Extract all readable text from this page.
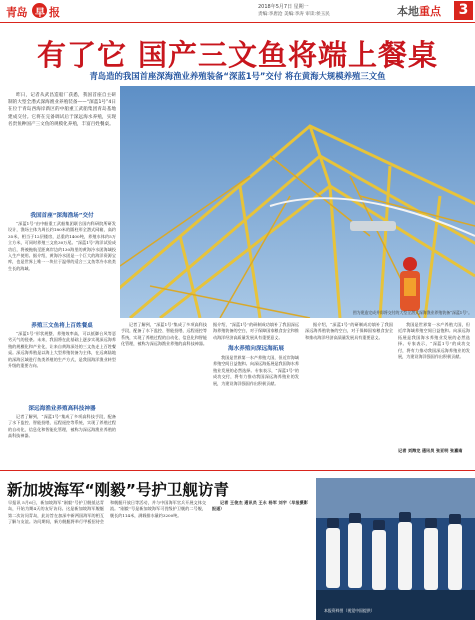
青岛 早 报	2018年5月7日 星期一
责编:李唐沧 美编:李涛 审读:侯玉民	本地 重点	3
有了它 国产三文鱼将端上餐桌
青岛造的我国首座深海渔业养殖装备“深蓝1号”交付 将在黄海大规模养殖三文鱼

昨日，记者从武昌造船厂获悉，我国首座自主研制的大型全潜式深海渔业养殖装备——“深蓝1号”4日在位于青岛西海岸新区的中船重工武船集团青岛基地建成交付。它将在完备调试后于深远海水养殖，实现名贵鱼种国产三文鱼的规模化养殖，丰富百姓餐桌。

我国首座“深海渔场”交付

“深蓝1号”由中船重工武船集团联合国内科研院所研发设计，渔场主体为周长约180米的圆柱形全潜式网箱，高约35米，相当于12层楼房，总重约1400吨，养殖水体约5万立方米，可同时养殖三文鱼30万尾。“深蓝1号”海洋试验成功后，将被拖航至距离岸边约130海里的黄海冷水团海域投入生产使用。据介绍，黄海冷水团是一个巨大的海洋资源宝库，也是世界上唯一一块位于温带的适合三文鱼等冷水鱼类生长的海域。

养殖三文鱼将上百姓餐桌

“深蓝1号”形状规整、养殖效率高，可以抵御台风等恶劣天气的侵袭。未来，我国将在此基础上逐步实现深远海养殖的规模化和产业化，让来自黄海深处的三文鱼走上百姓餐桌。深远海养殖是以海上大型养殖装备为主体，在远离陆地的深海区域进行鱼类养殖的生产方式，是我国海洋渔业转型升级的重要方向。

深远海渔业养殖高科技神器

记者了解到，“深蓝1号”集成了多项高科技手段，配备了水下监控、智能投喂、远程遥控等系统，实现了养殖过程的自动化、信息化和智能化管理，被称为深远海渔业养殖的高科技神器。

图为建造完成并即将交付的大型全潜式深海渔业养殖装备“深蓝1号”。

记者了解到，“深蓝1号”集成了多项高科技手段，配备了水下监控、智能投喂、远程遥控等系统，实现了养殖过程的自动化、信息化和智能化管理，被称为深远海渔业养殖的高科技神器。

据介绍，“深蓝1号”的研制成功填补了我国深远海养殖装备的空白，对于保障国家粮食安全和推动海洋经济高质量发展具有重要意义。

海水养殖向深远海拓展

我国是世界第一水产养殖大国，但近岸海域养殖空间日益饱和。向深远海拓展是我国海水养殖业发展的必然选择。专家表示，“深蓝1号”的成功交付，将有力推动我国深远海养殖业的发展，为建设海洋强国作出积极贡献。

据介绍，“深蓝1号”的研制成功填补了我国深远海养殖装备的空白，对于保障国家粮食安全和推动海洋经济高质量发展具有重要意义。

我国是世界第一水产养殖大国，但近岸海域养殖空间日益饱和。向深远海拓展是我国海水养殖业发展的必然选择。专家表示，“深蓝1号”的成功交付，将有力推动我国深远海养殖业的发展，为建设海洋强国作出积极贡献。

记者 刘海龙 通讯员 张亚明 张嘉南
新加坡海军“刚毅”号护卫舰访青

早报讯 5月6日，新加坡海军“刚毅”号护卫舰抵达青岛，开始为期4天的友好访问。这是新加坡海军舰艇第二次访问青岛，此访旨在加深中新两国海军的相互了解与友谊。访问期间，新方舰艇将举行甲板招待会和舰艇开放日等活动，并与中国海军官兵开展文体交流。“刚毅”号是新加坡海军可畏级护卫舰的二号舰，舰长约114米，满载排水量约3200吨。

记者 王俊杰 通讯员 王永 杨军 刘宇（早报摄影报道）

本报资料图（视觉中国提供）
